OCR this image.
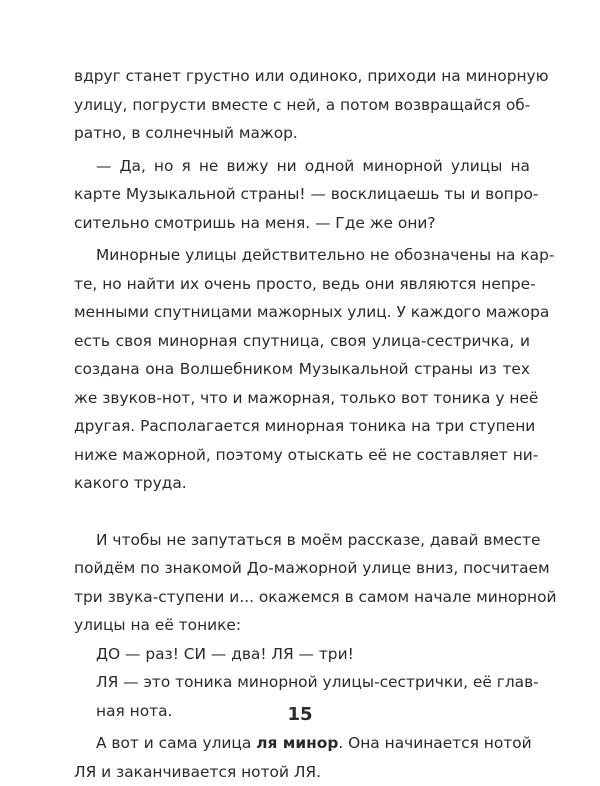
вдруг станет грустно или одиноко, приходи на минорную
улицу, погрусти вместе с ней, а потом возвращайся об-
ратно, в солнечный мажор.

— Да, но я не вижу ни одной минорной улицы на
карте Музыкальной страны! — восклицаешь ты и вопро-
сительно смотришь на меня. — Где же они?

Минорные улицы действительно не обозначены на кар-
те, но найти их очень просто, ведь они являются непре-
менными спутницами мажорных улиц. У каждого мажора
есть своя минорная спутница, своя улица-сестричка, и
создана она Волшебником Музыкальной страны из тех
же звуков-нот, что и мажорная, только вот тоника у неё
другая. Располагается минорная тоника на три ступени
ниже мажорной, поэтому отыскать её не составляет ни-
какого труда.

И чтобы не запутаться в моём рассказе, давай вместе
пойдём по знакомой До-мажорной улице вниз, посчитаем
три звука-ступени и... окажемся в самом начале минорной
улицы на её тонике:

ДО — раз! СИ — два! ЛЯ — три!

ЛЯ — это тоника минорной улицы-сестрички, её глав-
ная нота.

А вот и сама улица ля минор. Она начинается нотой
ЛЯ и заканчивается нотой ЛЯ.

15
